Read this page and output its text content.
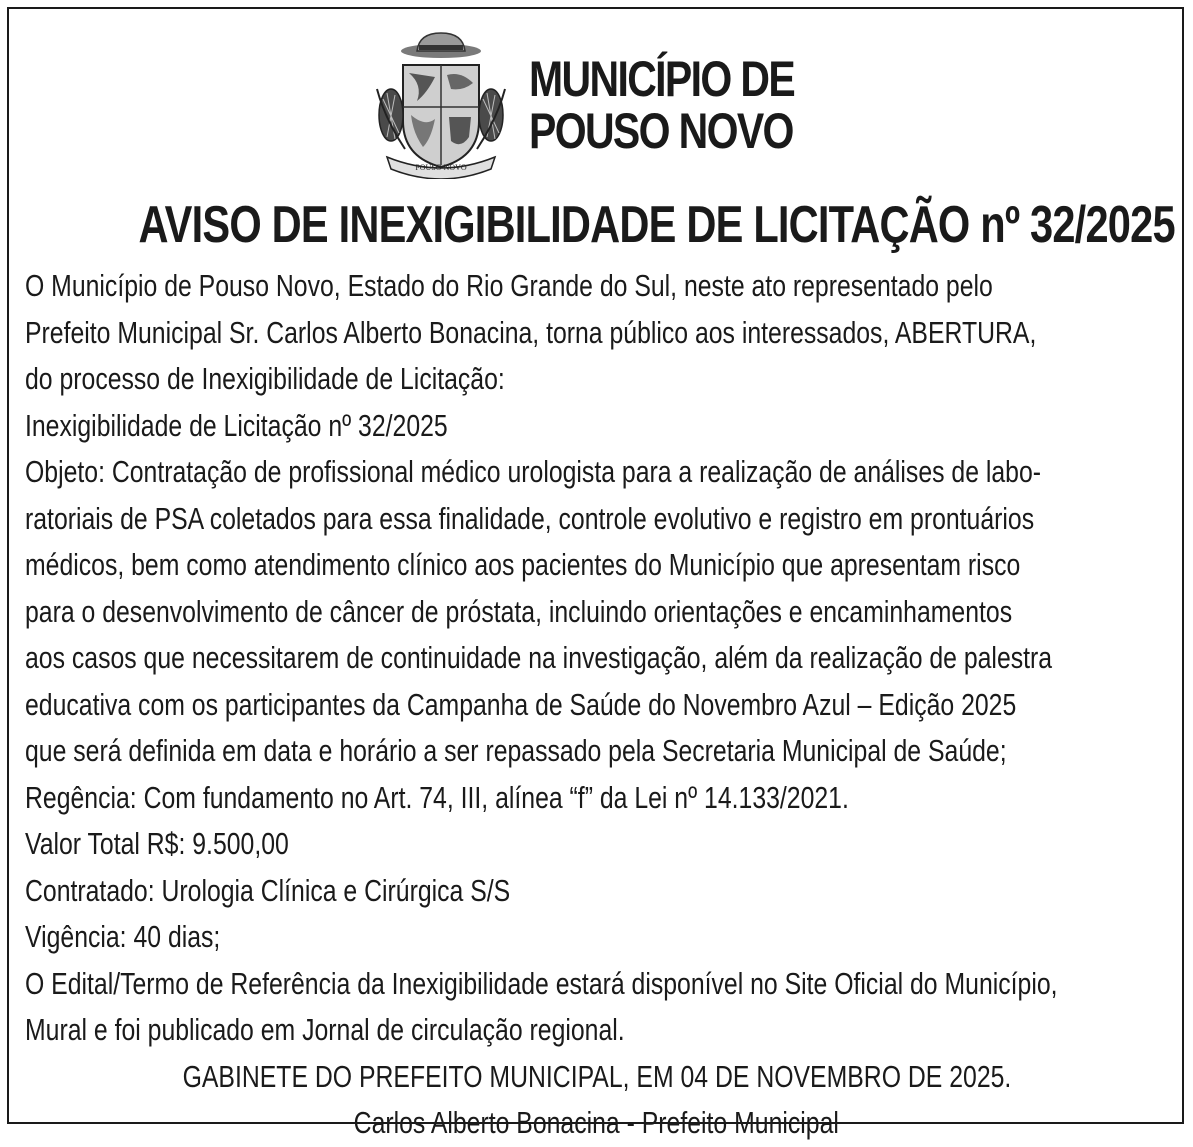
POUSO NOVO
MUNICÍPIO DE
POUSO NOVO
AVISO DE INEXIGIBILIDADE DE LICITAÇÃO nº 32/2025
O Município de Pouso Novo, Estado do Rio Grande do Sul, neste ato representado pelo
Prefeito Municipal Sr. Carlos Alberto Bonacina, torna público aos interessados, ABERTURA,
do processo de Inexigibilidade de Licitação:
Inexigibilidade de Licitação nº 32/2025
Objeto: Contratação de profissional médico urologista para a realização de análises de labo-
ratoriais de PSA coletados para essa finalidade, controle evolutivo e registro em prontuários
médicos, bem como atendimento clínico aos pacientes do Município que apresentam risco
para o desenvolvimento de câncer de próstata, incluindo orientações e encaminhamentos
aos casos que necessitarem de continuidade na investigação, além da realização de palestra
educativa com os participantes da Campanha de Saúde do Novembro Azul – Edição 2025
que será definida em data e horário a ser repassado pela Secretaria Municipal de Saúde;
Regência: Com fundamento no Art. 74, III, alínea “f” da Lei nº 14.133/2021.
Valor Total R$: 9.500,00
Contratado: Urologia Clínica e Cirúrgica S/S
Vigência: 40 dias;
O Edital/Termo de Referência da Inexigibilidade estará disponível no Site Oficial do Município,
Mural e foi publicado em Jornal de circulação regional.
GABINETE DO PREFEITO MUNICIPAL, EM 04 DE NOVEMBRO DE 2025.
Carlos Alberto Bonacina - Prefeito Municipal
